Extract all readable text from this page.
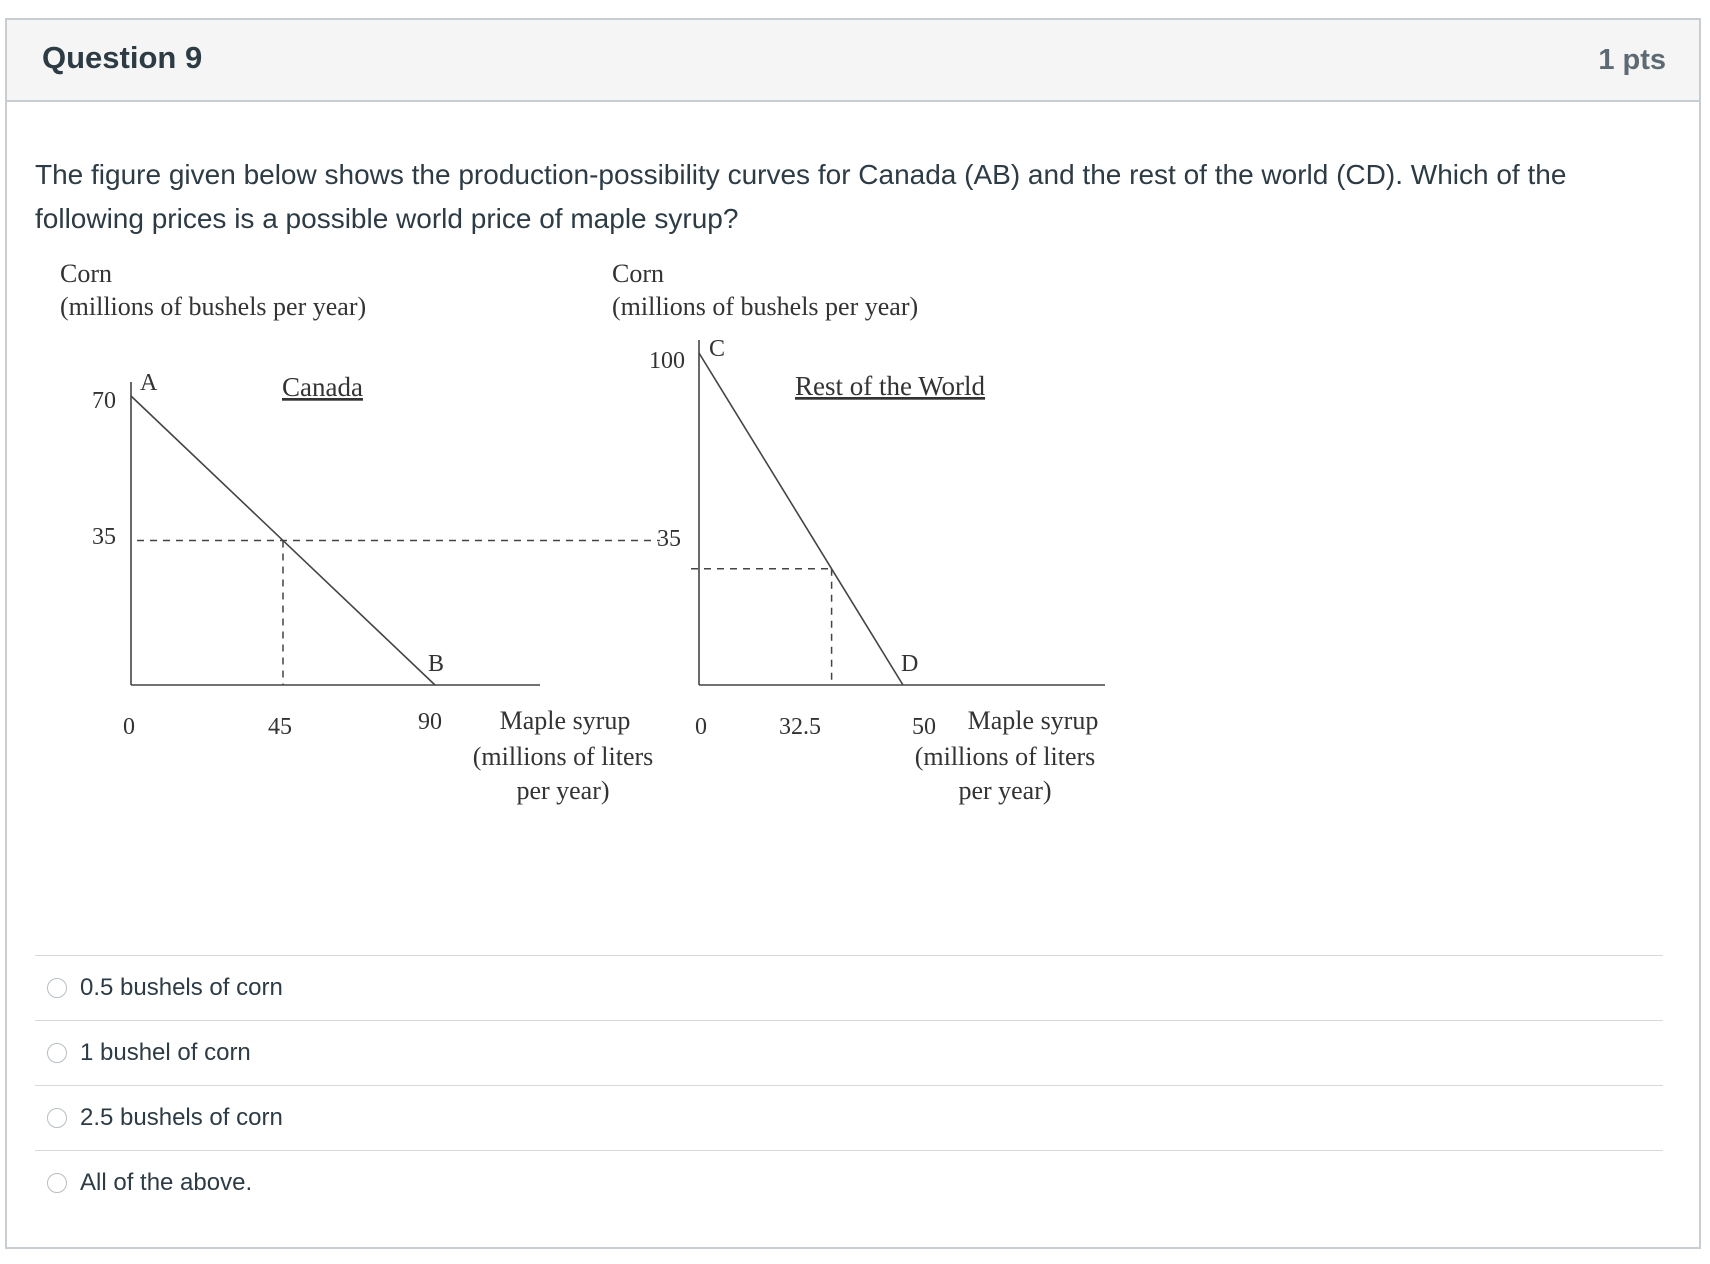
Question 9	1 pts
The figure given below shows the production-possibility curves for Canada (AB) and the rest of the world (CD). Which of the following prices is a possible world price of maple syrup?
Corn
(millions of bushels per year)
Canada
70
35
0	45	90
A
B
Maple syrup
(millions of liters
per year)
Corn
(millions of bushels per year)
Rest of the World
100
35
C
D
0	32.5	50 Maple syrup
(millions of liters
per year)
0.5 bushels of corn
1 bushel of corn
2.5 bushels of corn
All of the above.
